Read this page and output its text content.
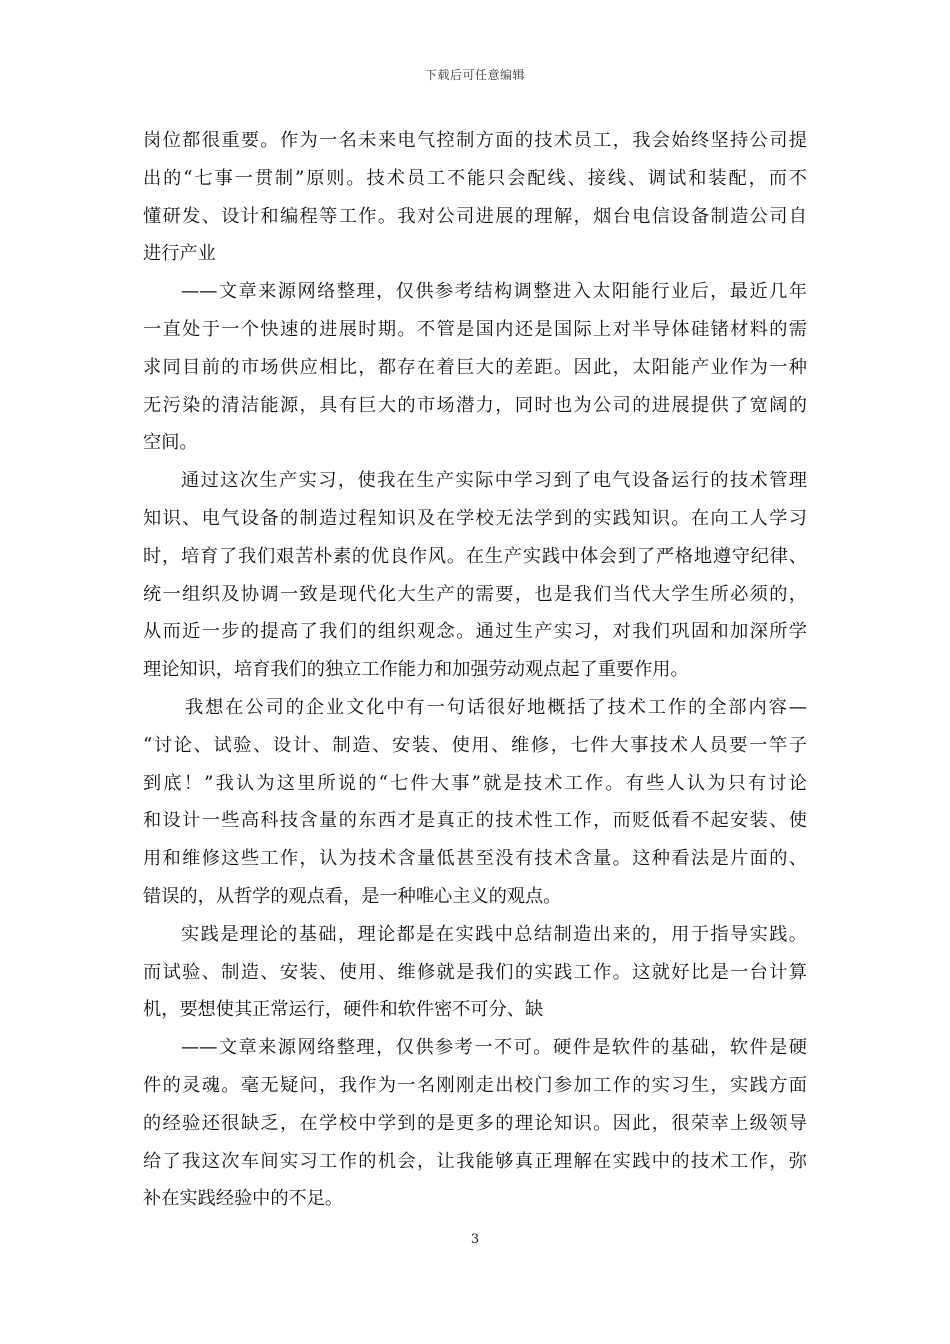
下载后可任意编辑
岗位都很重要。作为一名未来电气控制方面的技术员工，我会始终坚持公司提
出的“七事一贯制”原则。技术员工不能只会配线、接线、调试和装配，而不
懂研发、设计和编程等工作。我对公司进展的理解，烟台电信设备制造公司自
进行产业
——文章来源网络整理，仅供参考结构调整进入太阳能行业后，最近几年
一直处于一个快速的进展时期。不管是国内还是国际上对半导体硅锗材料的需
求同目前的市场供应相比，都存在着巨大的差距。因此，太阳能产业作为一种
无污染的清洁能源，具有巨大的市场潜力，同时也为公司的进展提供了宽阔的
空间。
通过这次生产实习，使我在生产实际中学习到了电气设备运行的技术管理
知识、电气设备的制造过程知识及在学校无法学到的实践知识。在向工人学习
时，培育了我们艰苦朴素的优良作风。在生产实践中体会到了严格地遵守纪律、
统一组织及协调一致是现代化大生产的需要，也是我们当代大学生所必须的，
从而近一步的提高了我们的组织观念。通过生产实习，对我们巩固和加深所学
理论知识，培育我们的独立工作能力和加强劳动观点起了重要作用。
我想在公司的企业文化中有一句话很好地概括了技术工作的全部内容—
“讨论、试验、设计、制造、安装、使用、维修，七件大事技术人员要一竿子
到底！”我认为这里所说的“七件大事”就是技术工作。有些人认为只有讨论
和设计一些高科技含量的东西才是真正的技术性工作，而贬低看不起安装、使
用和维修这些工作，认为技术含量低甚至没有技术含量。这种看法是片面的、
错误的，从哲学的观点看，是一种唯心主义的观点。
实践是理论的基础，理论都是在实践中总结制造出来的，用于指导实践。
而试验、制造、安装、使用、维修就是我们的实践工作。这就好比是一台计算
机，要想使其正常运行，硬件和软件密不可分、缺
——文章来源网络整理，仅供参考一不可。硬件是软件的基础，软件是硬
件的灵魂。毫无疑问，我作为一名刚刚走出校门参加工作的实习生，实践方面
的经验还很缺乏，在学校中学到的是更多的理论知识。因此，很荣幸上级领导
给了我这次车间实习工作的机会，让我能够真正理解在实践中的技术工作，弥
补在实践经验中的不足。
3
